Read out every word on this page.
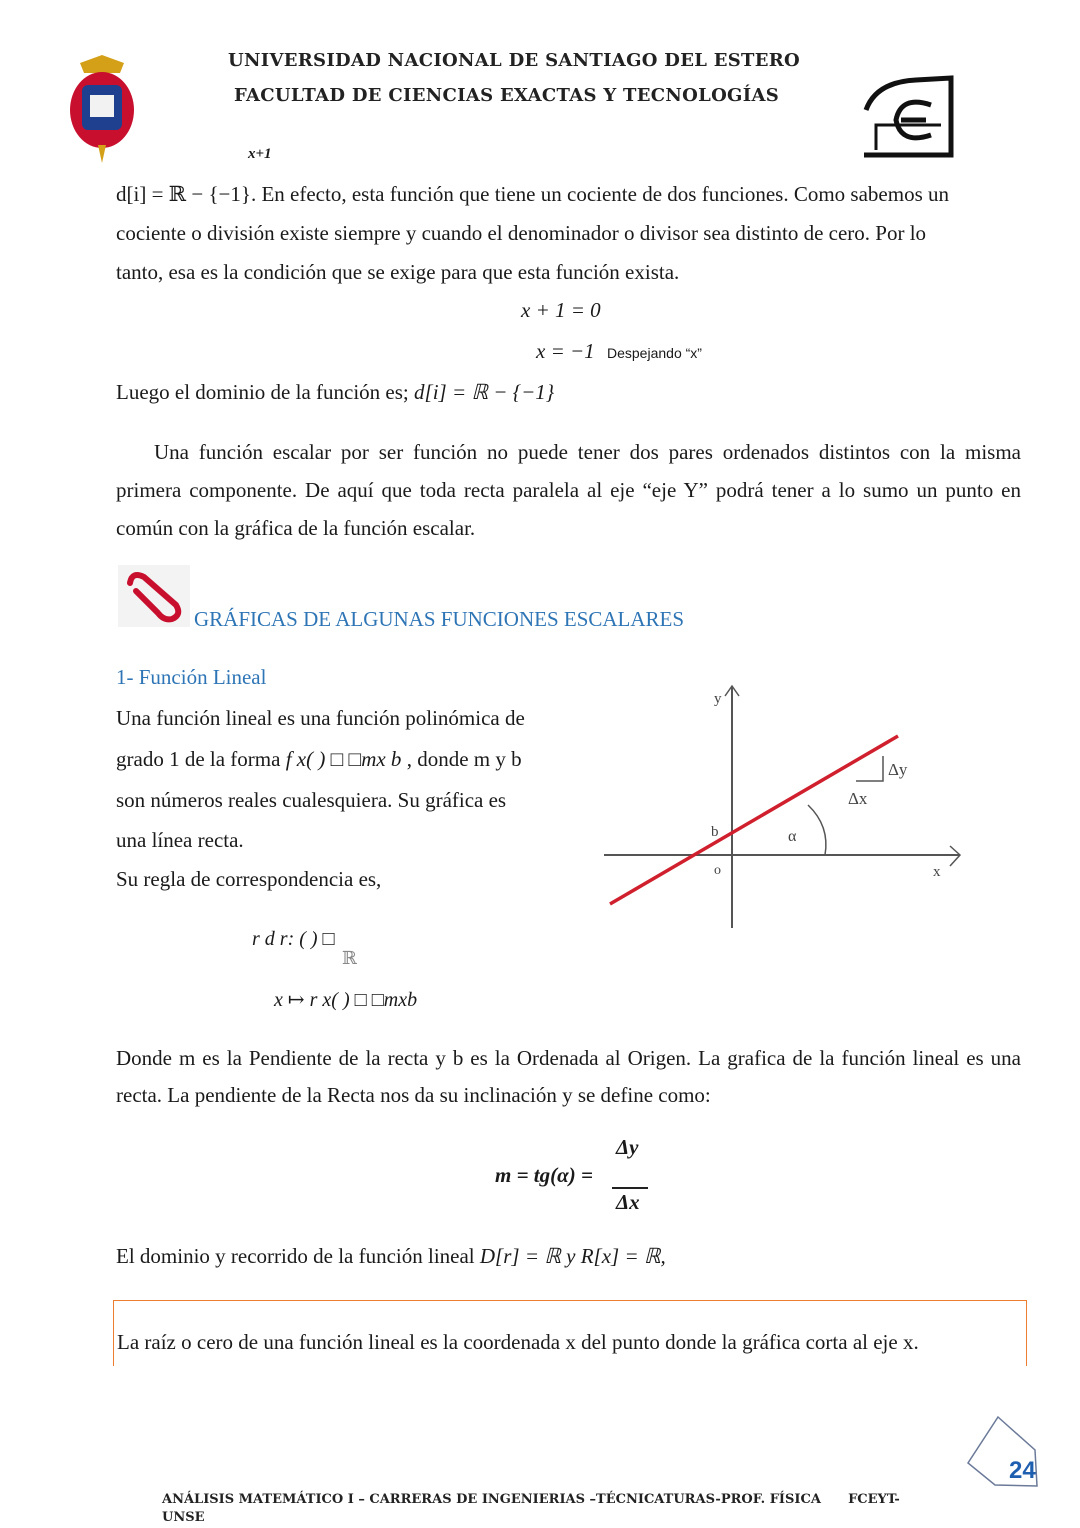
UNIVERSIDAD NACIONAL DE SANTIAGO DEL ESTERO
FACULTAD DE CIENCIAS EXACTAS Y TECNOLOGÍAS
x+1
d[i] = ℝ − {−1}. En efecto, esta función que tiene un cociente de dos funciones. Como sabemos un
cociente o división existe siempre y cuando el denominador o divisor sea distinto de cero. Por lo
tanto, esa es la condición que se exige para que esta función exista.
x + 1 = 0
x = −1 Despejando “x”
Luego el dominio de la función es; d[i] = ℝ − {−1}
Una función escalar por ser función no puede tener dos pares ordenados distintos con la misma primera componente. De aquí que toda recta paralela al eje “eje Y” podrá tener a lo sumo un punto en común con la gráfica de la función escalar.
GRÁFICAS DE ALGUNAS FUNCIONES ESCALARES
1- Función Lineal
Una función lineal es una función polinómica de
grado 1 de la forma f x( ) □ □mx b , donde m y b
son números reales cualesquiera. Su gráfica es
una línea recta.
Su regla de correspondencia es,
r d r: ( ) □
ℝ
x ↦ r x( ) □ □mxb
y
x
b
o
α
Δx
Δy
Donde m es la Pendiente de la recta y b es la Ordenada al Origen. La grafica de la función lineal es una recta. La pendiente de la Recta nos da su inclinación y se define como:
m = tg(α) =
Δy
Δx
El dominio y recorrido de la función lineal D[r] = ℝ y R[x] = ℝ,
La raíz o cero de una función lineal es la coordenada x del punto donde la gráfica corta al eje x.
24
ANÁLISIS MATEMÁTICO I – CARRERAS DE INGENIERIAS –TÉCNICATURAS-PROF. FÍSICA      FCEYT-
UNSE
